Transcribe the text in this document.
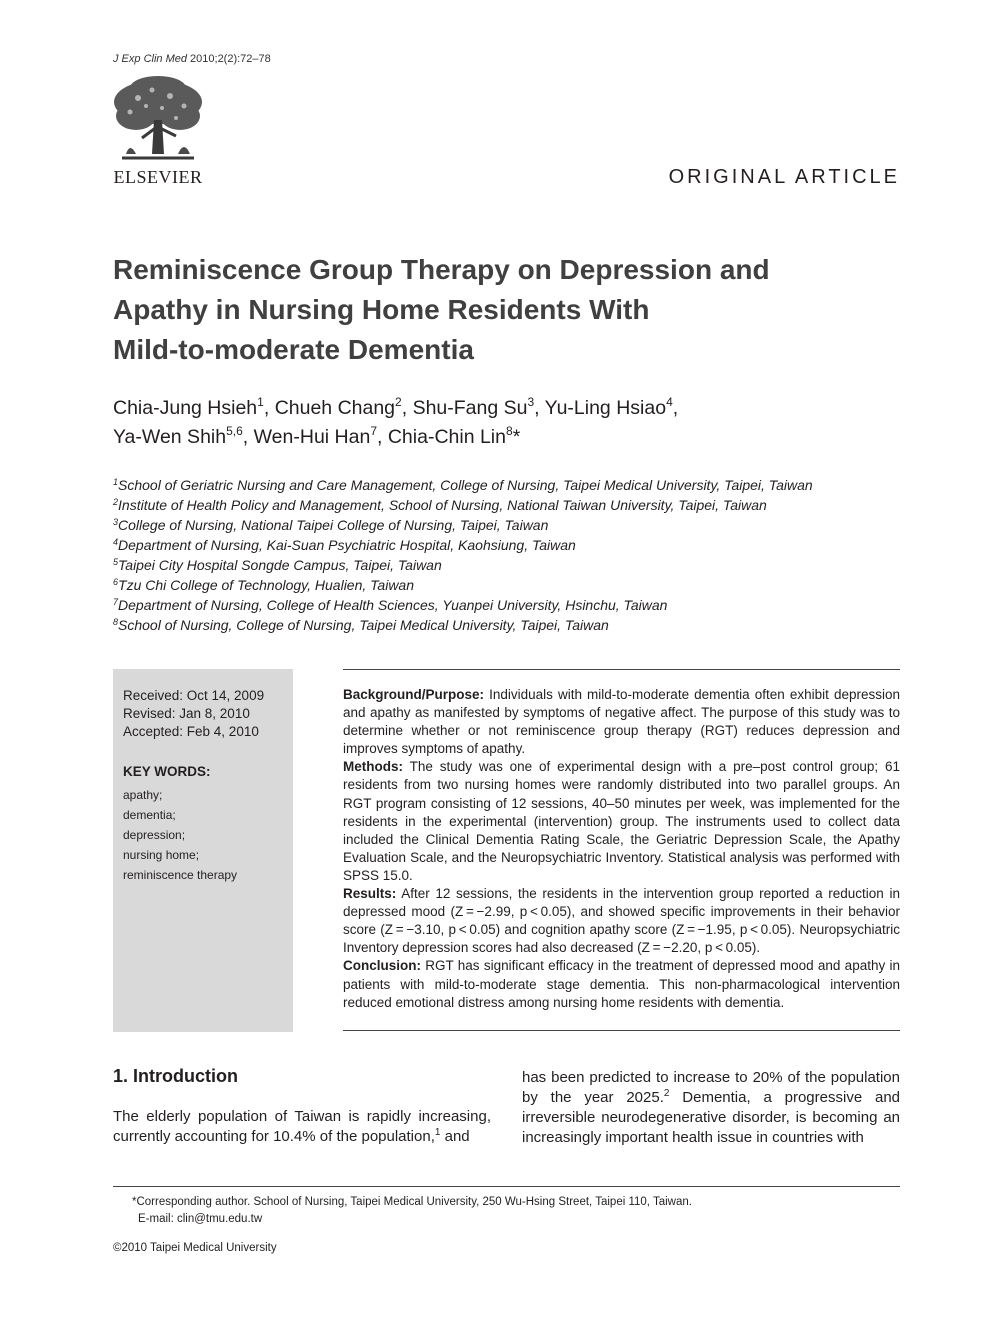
J Exp Clin Med 2010;2(2):72–78
ELSEVIER	ORIGINAL ARTICLE
Reminiscence Group Therapy on Depression and
Apathy in Nursing Home Residents With
Mild-to-moderate Dementia
Chia-Jung Hsieh$^1$, Chueh Chang$^2$, Shu-Fang Su$^3$, Yu-Ling Hsiao$^4$,
Ya-Wen Shih$^{5,6}$, Wen-Hui Han$^7$, Chia-Chin Lin$^8$*
$^1$School of Geriatric Nursing and Care Management, College of Nursing, Taipei Medical University, Taipei, Taiwan
$^2$Institute of Health Policy and Management, School of Nursing, National Taiwan University, Taipei, Taiwan
$^3$College of Nursing, National Taipei College of Nursing, Taipei, Taiwan
$^4$Department of Nursing, Kai-Suan Psychiatric Hospital, Kaohsiung, Taiwan
$^5$Taipei City Hospital Songde Campus, Taipei, Taiwan
$^6$Tzu Chi College of Technology, Hualien, Taiwan
$^7$Department of Nursing, College of Health Sciences, Yuanpei University, Hsinchu, Taiwan
$^8$School of Nursing, College of Nursing, Taipei Medical University, Taipei, Taiwan
Received: Oct 14, 2009
Revised: Jan 8, 2010
Accepted: Feb 4, 2010
KEY WORDS:
apathy;
dementia;
depression;
nursing home;
reminiscence therapy

Background/Purpose: Individuals with mild-to-moderate dementia often exhibit depression and apathy as manifested by symptoms of negative affect. The purpose of this study was to determine whether or not reminiscence group therapy (RGT) reduces depression and improves symptoms of apathy.

Methods: The study was one of experimental design with a pre–post control group; 61 residents from two nursing homes were randomly distributed into two parallel groups. An RGT program consisting of 12 sessions, 40–50 minutes per week, was implemented for the residents in the experimental (intervention) group. The instruments used to collect data included the Clinical Dementia Rating Scale, the Geriatric Depression Scale, the Apathy Evaluation Scale, and the Neuropsychiatric Inventory. Statistical analysis was performed with SPSS 15.0.

Results: After 12 sessions, the residents in the intervention group reported a reduction in depressed mood (Z = −2.99, p < 0.05), and showed specific improvements in their behavior score (Z = −3.10, p < 0.05) and cognition apathy score (Z = −1.95, p < 0.05). Neuropsychiatric Inventory depression scores had also decreased (Z = −2.20, p < 0.05).

Conclusion: RGT has significant efficacy in the treatment of depressed mood and apathy in patients with mild-to-moderate stage dementia. This non-pharmacological intervention reduced emotional distress among nursing home residents with dementia.

1. Introduction

The elderly population of Taiwan is rapidly increasing, currently accounting for 10.4% of the population,$^1$ and

has been predicted to increase to 20% of the population by the year 2025.$^2$ Dementia, a progressive and irreversible neurodegenerative disorder, is becoming an increasingly important health issue in countries with

*Corresponding author. School of Nursing, Taipei Medical University, 250 Wu-Hsing Street, Taipei 110, Taiwan.
E-mail: clin@tmu.edu.tw
©2010 Taipei Medical University
